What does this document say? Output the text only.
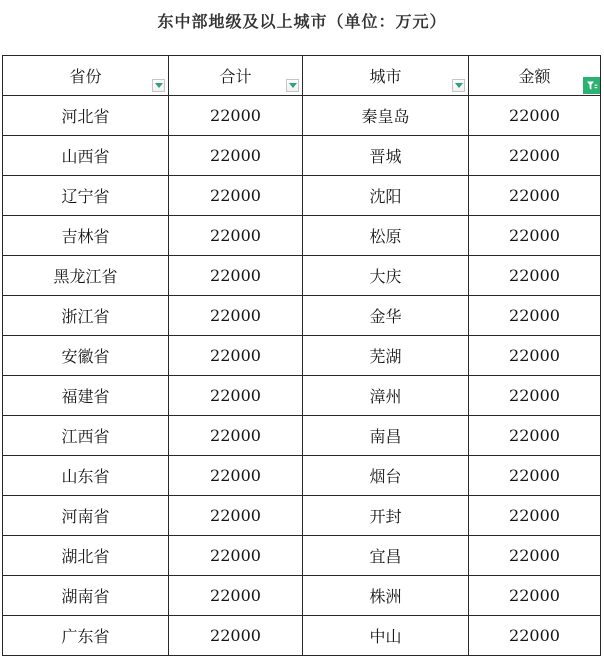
东中部地级及以上城市（单位：万元）
省份	合计	城市	金额

河北省	22000	秦皇岛	22000
山西省	22000	晋城	22000
辽宁省	22000	沈阳	22000
吉林省	22000	松原	22000
黑龙江省	22000	大庆	22000
浙江省	22000	金华	22000
安徽省	22000	芜湖	22000
福建省	22000	漳州	22000
江西省	22000	南昌	22000
山东省	22000	烟台	22000
河南省	22000	开封	22000
湖北省	22000	宜昌	22000
湖南省	22000	株洲	22000
广东省	22000	中山	22000
